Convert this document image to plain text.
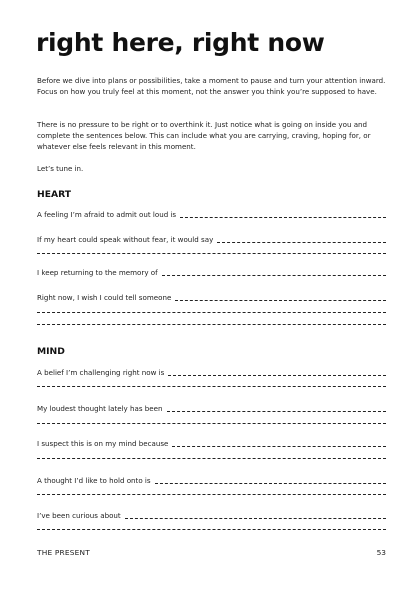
right here, right now

Before we dive into plans or possibilities, take a moment to pause and turn your attention inward. Focus on how you truly feel at this moment, not the answer you think you’re supposed to have.

There is no pressure to be right or to overthink it. Just notice what is going on inside you and complete the sentences below. This can include what you are carrying, craving, hoping for, or whatever else feels relevant in this moment.

Let’s tune in.

HEART
A feeling I’m afraid to admit out loud is
If my heart could speak without fear, it would say
I keep returning to the memory of
Right now, I wish I could tell someone
MIND
A belief I’m challenging right now is
My loudest thought lately has been
I suspect this is on my mind because
A thought I’d like to hold onto is
I’ve been curious about
THE PRESENT	53
